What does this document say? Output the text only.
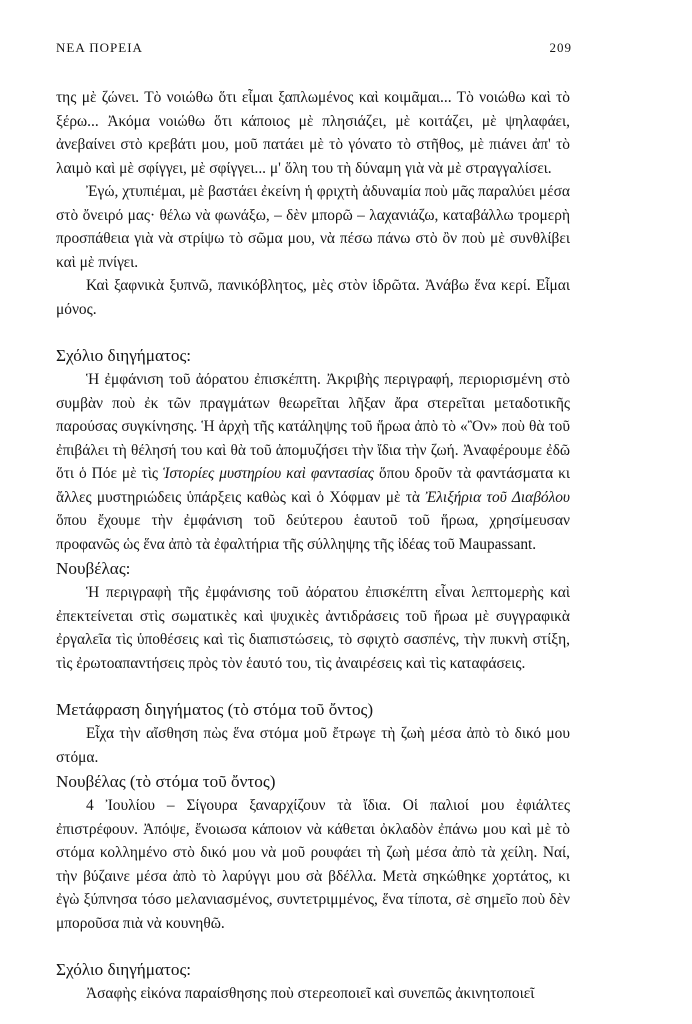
ΝΕΑ ΠΟΡΕΙΑ	209

της μὲ ζώνει. Τὸ νοιώθω ὅτι εἶμαι ξαπλωμένος καὶ κοιμᾶμαι... Τὸ νοιώθω καὶ τὸ ξέρω... Ἀκόμα νοιώθω ὅτι κάποιος μὲ πλησιάζει, μὲ κοιτάζει, μὲ ψηλαφάει, ἀνεβαίνει στὸ κρεβάτι μου, μοῦ πατάει μὲ τὸ γόνατο τὸ στῆθος, μὲ πιάνει ἀπ' τὸ λαιμὸ καὶ μὲ σφίγγει, μὲ σφίγγει... μ' ὅλη του τὴ δύναμη γιὰ νὰ μὲ στραγγαλίσει.

Ἐγώ, χτυπιέμαι, μὲ βαστάει ἐκείνη ἡ φριχτὴ ἀδυναμία ποὺ μᾶς παραλύει μέσα στὸ ὄνειρό μας· θέλω νὰ φωνάξω, – δὲν μπορῶ – λαχανιάζω, καταβάλλω τρομερὴ προσπάθεια γιὰ νὰ στρίψω τὸ σῶμα μου, νὰ πέσω πάνω στὸ ὂν ποὺ μὲ συνθλίβει καὶ μὲ πνίγει.

Καὶ ξαφνικὰ ξυπνῶ, πανικόβλητος, μὲς στὸν ἱδρῶτα. Ἀνάβω ἕνα κερί. Εἶμαι μόνος.

Σχόλιο διηγήματος:

Ἡ ἐμφάνιση τοῦ ἀόρατου ἐπισκέπτη. Ἀκριβὴς περιγραφή, περιορισμένη στὸ συμβὰν ποὺ ἐκ τῶν πραγμάτων θεωρεῖται λῆξαν ἄρα στερεῖται μεταδοτικῆς παρούσας συγκίνησης. Ἡ ἀρχὴ τῆς κατάληψης τοῦ ἥρωα ἀπὸ τὸ «Ὂν» ποὺ θὰ τοῦ ἐπιβάλει τὴ θέλησή του καὶ θὰ τοῦ ἀπομυζήσει τὴν ἴδια τὴν ζωή. Ἀναφέρουμε ἐδῶ ὅτι ὁ Πόε μὲ τὶς Ἱστορίες μυστηρίου καὶ φαντασίας ὅπου δροῦν τὰ φαντάσματα κι ἄλλες μυστηριώδεις ὑπάρξεις καθὼς καὶ ὁ Χόφμαν μὲ τὰ Ἐλιξήρια τοῦ Διαβόλου ὅπου ἔχουμε τὴν ἐμφάνιση τοῦ δεύτερου ἑαυτοῦ τοῦ ἥρωα, χρησίμευσαν προφανῶς ὡς ἕνα ἀπὸ τὰ ἐφαλτήρια τῆς σύλληψης τῆς ἰδέας τοῦ Maupassant.

Νουβέλας:

Ἡ περιγραφὴ τῆς ἐμφάνισης τοῦ ἀόρατου ἐπισκέπτη εἶναι λεπτομερὴς καὶ ἐπεκτείνεται στὶς σωματικὲς καὶ ψυχικὲς ἀντιδράσεις τοῦ ἥρωα μὲ συγγραφικὰ ἐργαλεῖα τὶς ὑποθέσεις καὶ τὶς διαπιστώσεις, τὸ σφιχτὸ σασπένς, τὴν πυκνὴ στίξη, τὶς ἐρωτοαπαντήσεις πρὸς τὸν ἑαυτό του, τὶς ἀναιρέσεις καὶ τὶς καταφάσεις.

Μετάφραση διηγήματος (τὸ στόμα τοῦ ὄντος)

Εἶχα τὴν αἴσθηση πὼς ἕνα στόμα μοῦ ἔτρωγε τὴ ζωὴ μέσα ἀπὸ τὸ δικό μου στόμα.

Νουβέλας (τὸ στόμα τοῦ ὄντος)

4 Ἰουλίου – Σίγουρα ξαναρχίζουν τὰ ἴδια. Οἱ παλιοί μου ἐφιάλτες ἐπιστρέφουν. Ἀπόψε, ἔνοιωσα κάποιον νὰ κάθεται ὀκλαδὸν ἐπάνω μου καὶ μὲ τὸ στόμα κολλημένο στὸ δικό μου νὰ μοῦ ρουφάει τὴ ζωὴ μέσα ἀπὸ τὰ χείλη. Ναί, τὴν βύζαινε μέσα ἀπὸ τὸ λαρύγγι μου σὰ βδέλλα. Μετὰ σηκώθηκε χορτάτος, κι ἐγὼ ξύπνησα τόσο μελανιασμένος, συντετριμμένος, ἕνα τίποτα, σὲ σημεῖο ποὺ δὲν μποροῦσα πιὰ νὰ κουνηθῶ.

Σχόλιο διηγήματος:

Ἀσαφὴς εἰκόνα παραίσθησης ποὺ στερεοποιεῖ καὶ συνεπῶς ἀκινητοποιεῖ
